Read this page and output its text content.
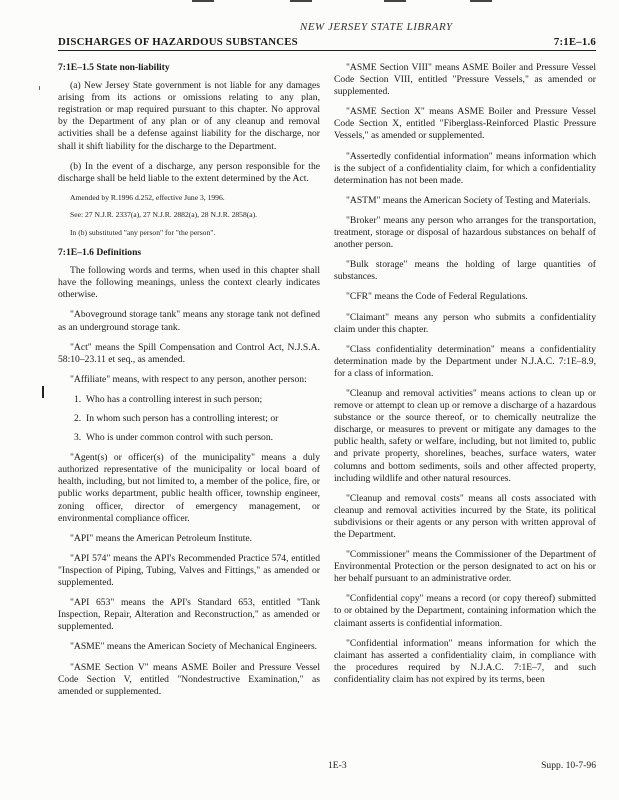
NEW JERSEY STATE LIBRARY
DISCHARGES OF HAZARDOUS SUBSTANCES	7:1E–1.6
7:1E–1.5 State non-liability

(a) New Jersey State government is not liable for any damages arising from its actions or omissions relating to any plan, registration or map required pursuant to this chapter. No approval by the Department of any plan or of any cleanup and removal activities shall be a defense against liability for the discharge, nor shall it shift liability for the discharge to the Department.

(b) In the event of a discharge, any person responsible for the discharge shall be held liable to the extent determined by the Act.

Amended by R.1996 d.252, effective June 3, 1996.

See: 27 N.J.R. 2337(a), 27 N.J.R. 2882(a), 28 N.J.R. 2858(a).

In (b) substituted "any person" for "the person".

7:1E–1.6 Definitions

The following words and terms, when used in this chapter shall have the following meanings, unless the context clearly indicates otherwise.

"Aboveground storage tank" means any storage tank not defined as an underground storage tank.

"Act" means the Spill Compensation and Control Act, N.J.S.A. 58:10–23.11 et seq., as amended.

"Affiliate" means, with respect to any person, another person:

1. Who has a controlling interest in such person;
2. In whom such person has a controlling interest; or
3. Who is under common control with such person.

"Agent(s) or officer(s) of the municipality" means a duly authorized representative of the municipality or local board of health, including, but not limited to, a member of the police, fire, or public works department, public health officer, township engineer, zoning officer, director of emergency management, or environmental compliance officer.

"API" means the American Petroleum Institute.

"API 574" means the API's Recommended Practice 574, entitled "Inspection of Piping, Tubing, Valves and Fittings," as amended or supplemented.

"API 653" means the API's Standard 653, entitled "Tank Inspection, Repair, Alteration and Reconstruction," as amended or supplemented.

"ASME" means the American Society of Mechanical Engineers.

"ASME Section V" means ASME Boiler and Pressure Vessel Code Section V, entitled "Nondestructive Examination," as amended or supplemented.

"ASME Section VIII" means ASME Boiler and Pressure Vessel Code Section VIII, entitled "Pressure Vessels," as amended or supplemented.

"ASME Section X" means ASME Boiler and Pressure Vessel Code Section X, entitled "Fiberglass-Reinforced Plastic Pressure Vessels," as amended or supplemented.

"Assertedly confidential information" means information which is the subject of a confidentiality claim, for which a confidentiality determination has not been made.

"ASTM" means the American Society of Testing and Materials.

"Broker" means any person who arranges for the transportation, treatment, storage or disposal of hazardous substances on behalf of another person.

"Bulk storage" means the holding of large quantities of substances.

"CFR" means the Code of Federal Regulations.

"Claimant" means any person who submits a confidentiality claim under this chapter.

"Class confidentiality determination" means a confidentiality determination made by the Department under N.J.A.C. 7:1E–8.9, for a class of information.

"Cleanup and removal activities" means actions to clean up or remove or attempt to clean up or remove a discharge of a hazardous substance or the source thereof, or to chemically neutralize the discharge, or measures to prevent or mitigate any damages to the public health, safety or welfare, including, but not limited to, public and private property, shorelines, beaches, surface waters, water columns and bottom sediments, soils and other affected property, including wildlife and other natural resources.

"Cleanup and removal costs" means all costs associated with cleanup and removal activities incurred by the State, its political subdivisions or their agents or any person with written approval of the Department.

"Commissioner" means the Commissioner of the Department of Environmental Protection or the person designated to act on his or her behalf pursuant to an administrative order.

"Confidential copy" means a record (or copy thereof) submitted to or obtained by the Department, containing information which the claimant asserts is confidential information.

"Confidential information" means information for which the claimant has asserted a confidentiality claim, in compliance with the procedures required by N.J.A.C. 7:1E–7, and such confidentiality claim has not expired by its terms, been

1E-3	Supp. 10-7-96
